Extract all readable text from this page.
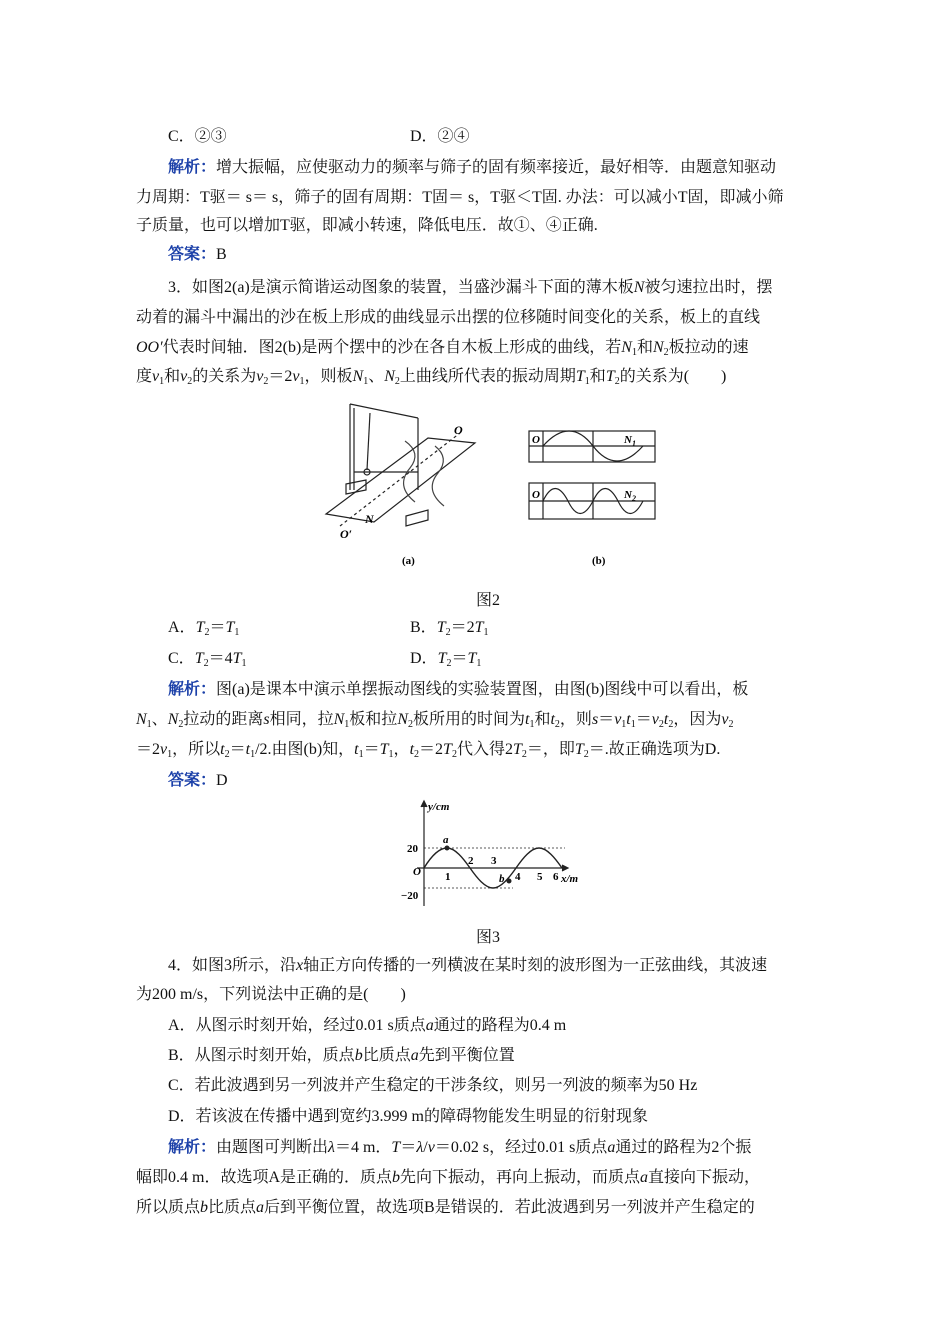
C．②③	D．②④
解析：增大振幅，应使驱动力的频率与筛子的固有频率接近，最好相等．由题意知驱动
力周期：T驱＝ s＝ s，筛子的固有周期：T固＝ s，T驱＜T固. 办法：可以减小T固，即减小筛
子质量，也可以增加T驱，即减小转速，降低电压．故①、④正确.
答案：B
3．如图2(a)是演示简谐运动图象的装置，当盛沙漏斗下面的薄木板N被匀速拉出时，摆
动着的漏斗中漏出的沙在板上形成的曲线显示出摆的位移随时间变化的关系，板上的直线
OO′代表时间轴．图2(b)是两个摆中的沙在各自木板上形成的曲线，若$N_1$和$N_2$板拉动的速
度$v_1$和$v_2$的关系为$v_2=2v_1$，则板$N_1$、$N_2$上曲线所代表的振动周期$T_1$和$T_2$的关系为(　　)
O
O′
N
(a)
O	$N_1$
O	$N_2$
(b)
图2
A．$T_2=T_1$	B．$T_2=2T_1$
C．$T_2=4T_1$	D．$T_2=T_1$
解析：图(a)是课本中演示单摆振动图线的实验装置图，由图(b)图线中可以看出，板
$N_1$、$N_2$拉动的距离s相同，拉$N_1$板和拉$N_2$板所用的时间为$t_1$和$t_2$，则$s=v_1t_1=v_2t_2$，因为$v_2$
$=2v_1$，所以$t_2=t_1/2$.由图(b)知，$t_1=T_1$，$t_2=2T_2$代入得$2T_2=$，即$T_2=$.故正确选项为D.
答案：D
y/cm
x/m
O
20
−20
1
2 3
4 5 6
a
b
图3
4．如图3所示，沿x轴正方向传播的一列横波在某时刻的波形图为一正弦曲线，其波速
为200 m/s，下列说法中正确的是(　　)
A．从图示时刻开始，经过0.01 s质点a通过的路程为0.4 m
B．从图示时刻开始，质点b比质点a先到平衡位置
C．若此波遇到另一列波并产生稳定的干涉条纹，则另一列波的频率为50 Hz
D．若该波在传播中遇到宽约3.999 m的障碍物能发生明显的衍射现象
解析：由题图可判断出λ＝4 m．T＝λ/v＝0.02 s，经过0.01 s质点a通过的路程为2个振
幅即0.4 m．故选项A是正确的．质点b先向下振动，再向上振动，而质点a直接向下振动，
所以质点b比质点a后到平衡位置，故选项B是错误的．若此波遇到另一列波并产生稳定的
